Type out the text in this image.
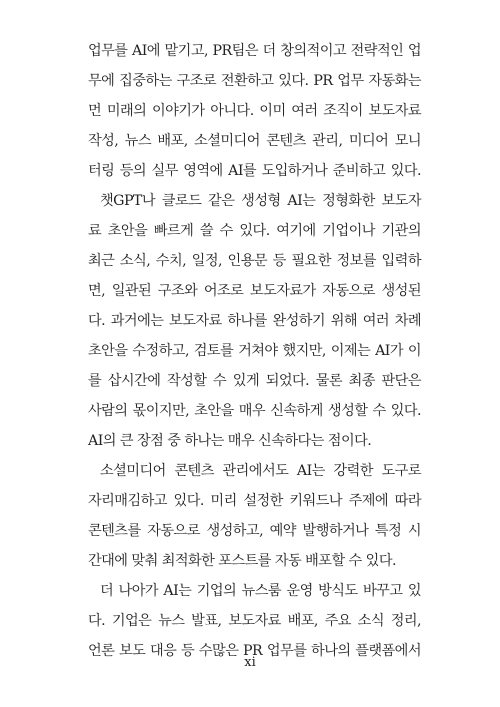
업무를 AI에 맡기고, PR팀은 더 창의적이고 전략적인 업
무에 집중하는 구조로 전환하고 있다. PR 업무 자동화는
먼 미래의 이야기가 아니다. 이미 여러 조직이 보도자료
작성, 뉴스 배포, 소셜미디어 콘텐츠 관리, 미디어 모니
터링 등의 실무 영역에 AI를 도입하거나 준비하고 있다.
챗GPT나 클로드 같은 생성형 AI는 정형화한 보도자
료 초안을 빠르게 쓸 수 있다. 여기에 기업이나 기관의
최근 소식, 수치, 일정, 인용문 등 필요한 정보를 입력하
면, 일관된 구조와 어조로 보도자료가 자동으로 생성된
다. 과거에는 보도자료 하나를 완성하기 위해 여러 차례
초안을 수정하고, 검토를 거쳐야 했지만, 이제는 AI가 이
를 삽시간에 작성할 수 있게 되었다. 물론 최종 판단은
사람의 몫이지만, 초안을 매우 신속하게 생성할 수 있다.
AI의 큰 장점 중 하나는 매우 신속하다는 점이다.
소셜미디어 콘텐츠 관리에서도 AI는 강력한 도구로
자리매김하고 있다. 미리 설정한 키워드나 주제에 따라
콘텐츠를 자동으로 생성하고, 예약 발행하거나 특정 시
간대에 맞춰 최적화한 포스트를 자동 배포할 수 있다.
더 나아가 AI는 기업의 뉴스룸 운영 방식도 바꾸고 있
다. 기업은 뉴스 발표, 보도자료 배포, 주요 소식 정리,
언론 보도 대응 등 수많은 PR 업무를 하나의 플랫폼에서
xi
